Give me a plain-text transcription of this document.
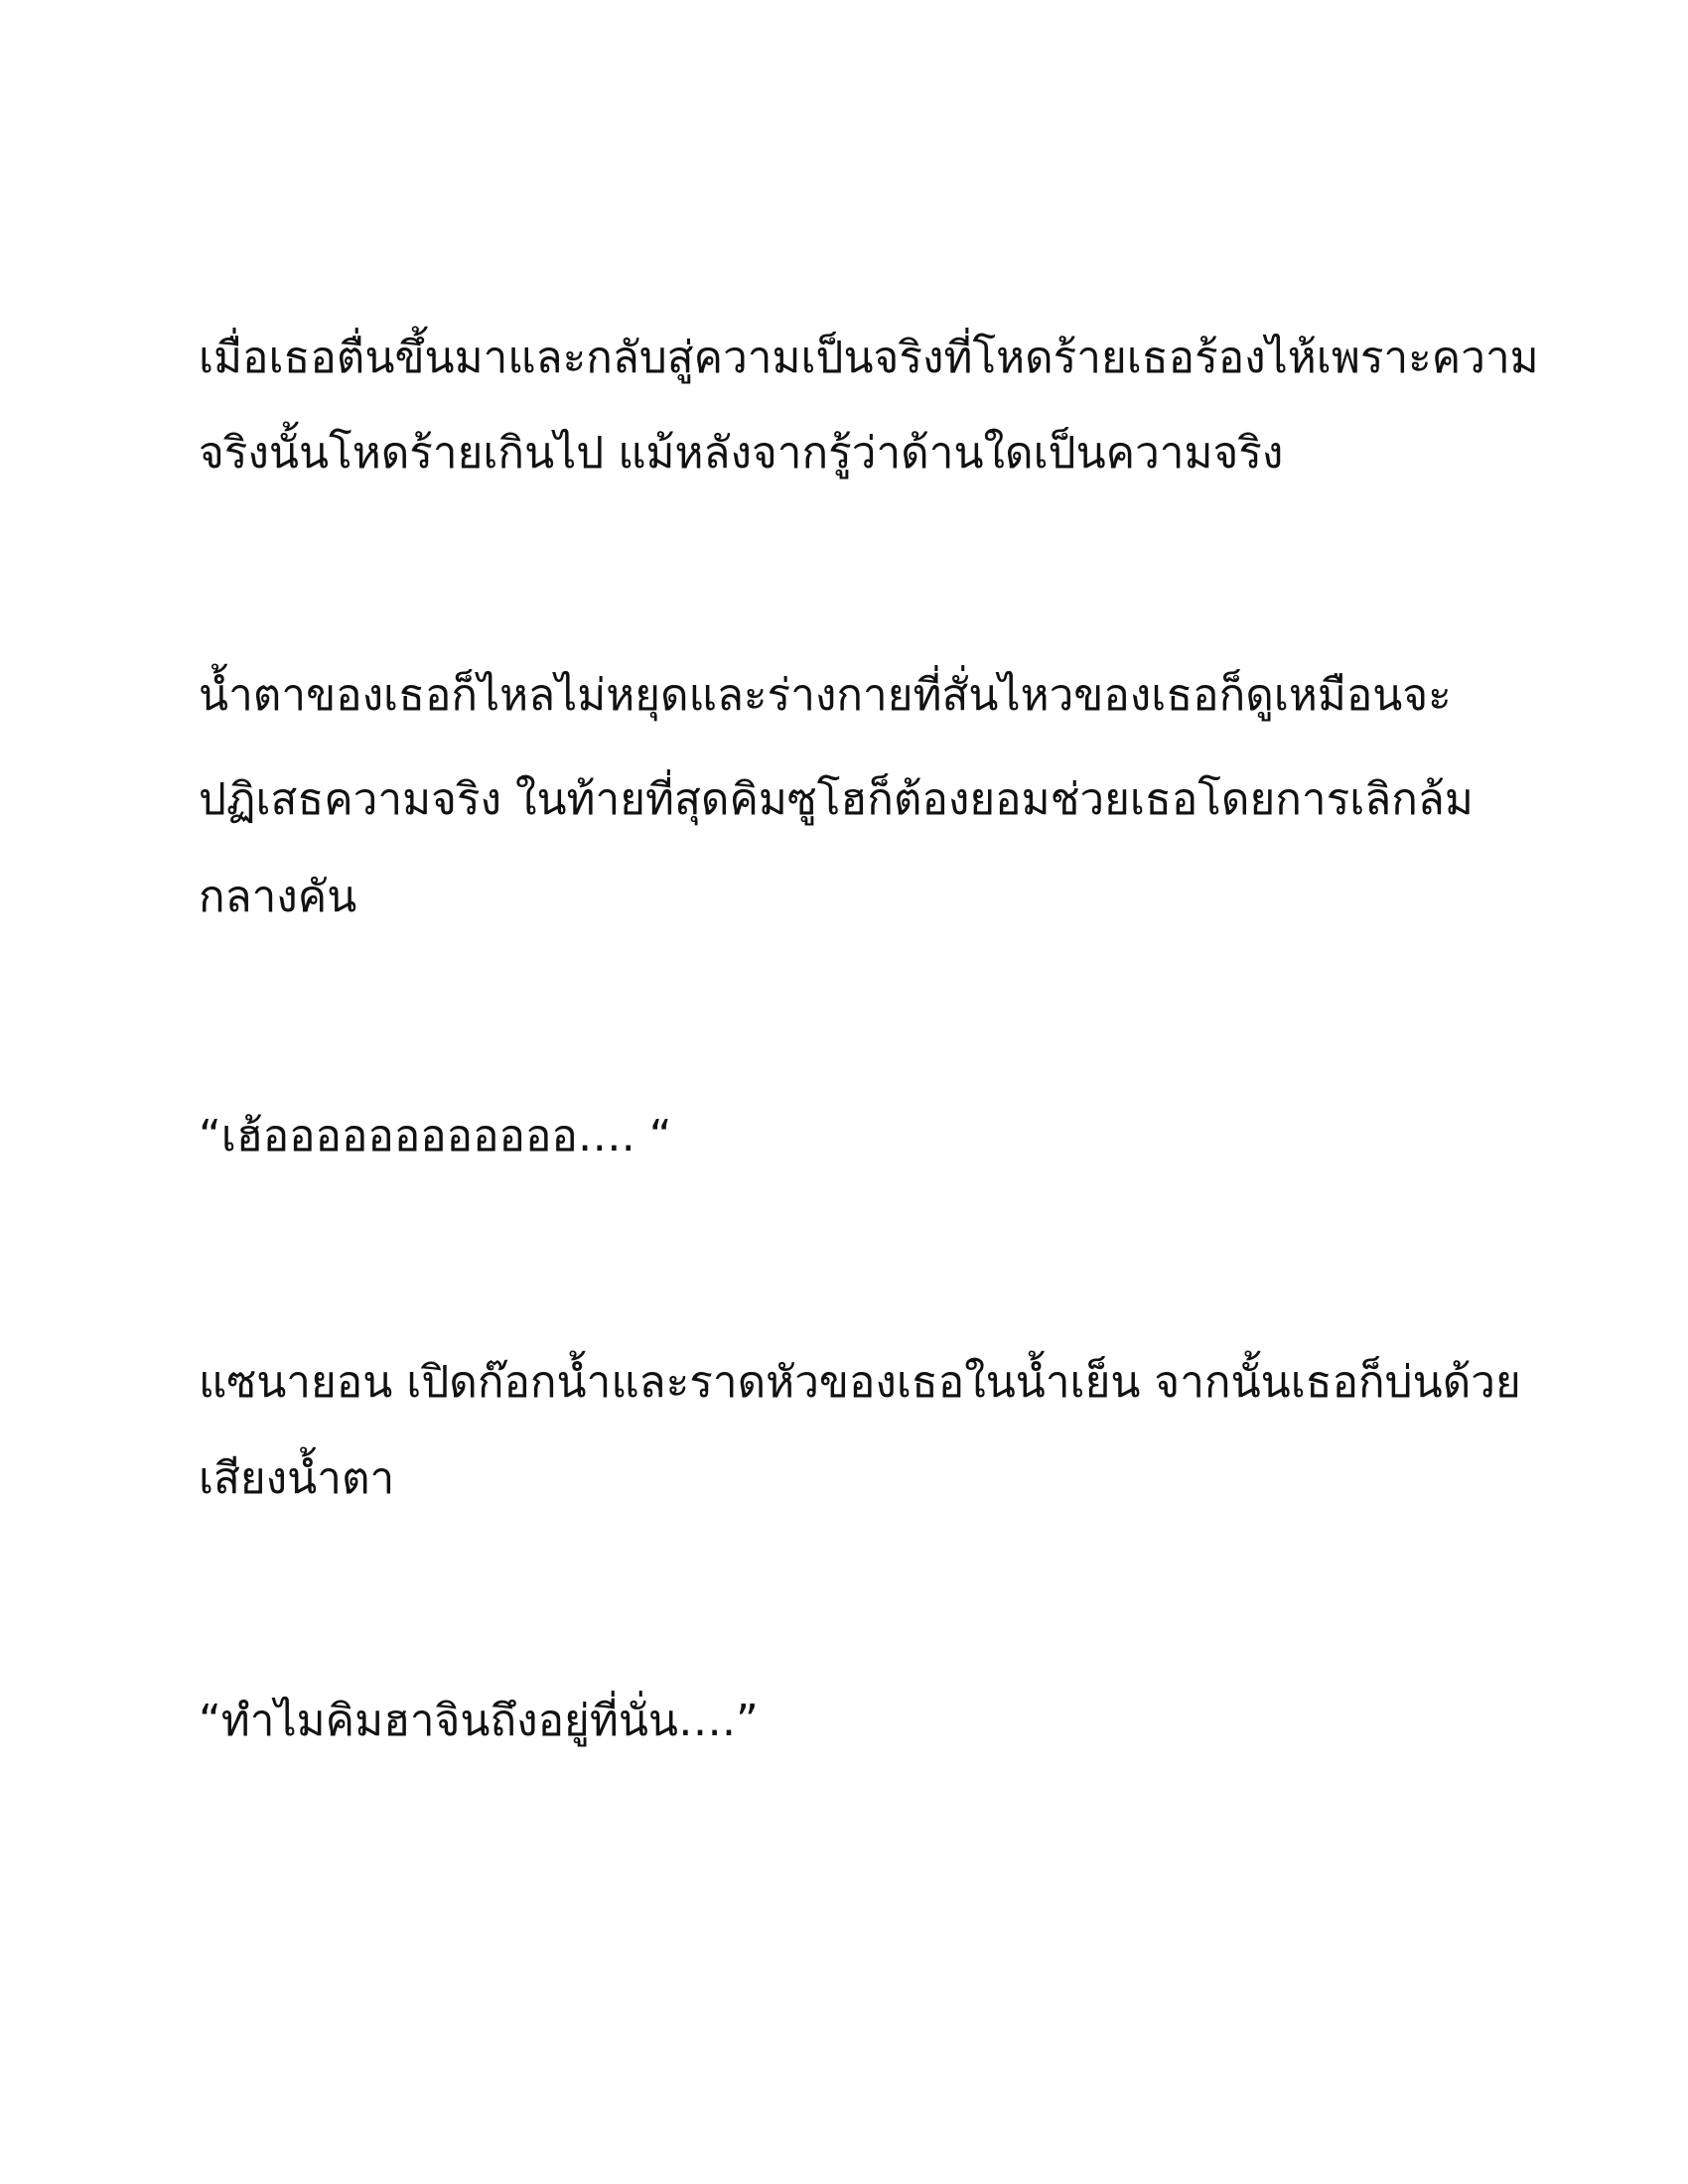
เมื่อเธอตื่นขึ้นมาและกลับสู่ความเป็นจริงที่โหดร้ายเธอร้องไห้เพราะความ

จริงนั้นโหดร้ายเกินไป แม้หลังจากรู้ว่าด้านใดเป็นความจริง

น้ำตาของเธอก็ไหลไม่หยุดและร่างกายที่สั่นไหวของเธอก็ดูเหมือนจะ

ปฏิเสธความจริง ในท้ายที่สุดคิมซูโฮก็ต้องยอมช่วยเธอโดยการเลิกล้ม

กลางคัน

“เฮ้ออออออออออออ…. “

แซนายอน เปิดก๊อกน้ำและราดหัวของเธอในน้ำเย็น จากนั้นเธอก็บ่นด้วย

เสียงน้ำตา

“ทำไมคิมฮาจินถึงอยู่ที่นั่น….”
